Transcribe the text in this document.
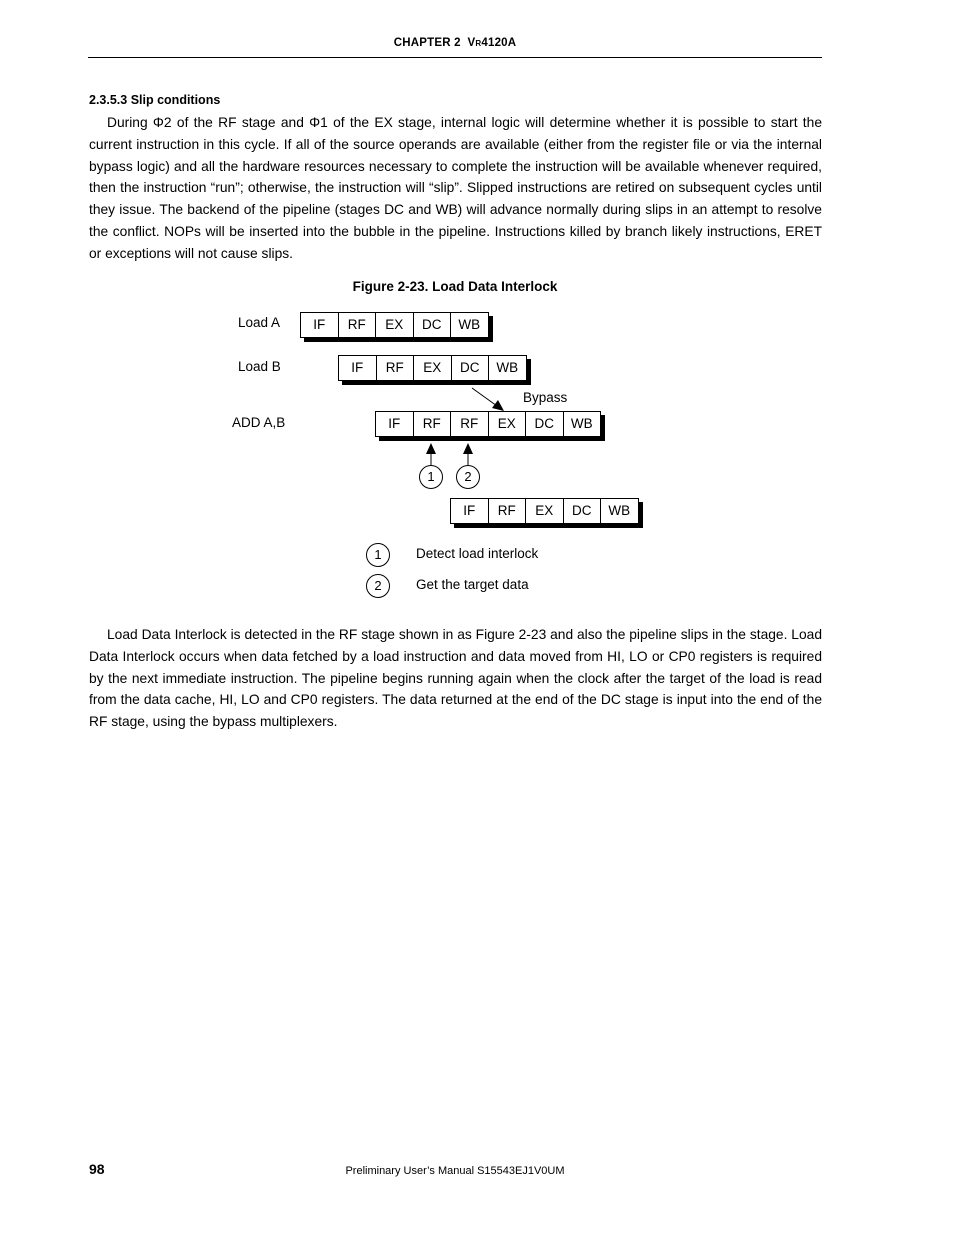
CHAPTER 2 VR4120A
2.3.5.3 Slip conditions

During Φ2 of the RF stage and Φ1 of the EX stage, internal logic will determine whether it is possible to start the current instruction in this cycle. If all of the source operands are available (either from the register file or via the internal bypass logic) and all the hardware resources necessary to complete the instruction will be available whenever required, then the instruction “run”; otherwise, the instruction will “slip”. Slipped instructions are retired on subsequent cycles until they issue. The backend of the pipeline (stages DC and WB) will advance normally during slips in an attempt to resolve the conflict. NOPs will be inserted into the bubble in the pipeline. Instructions killed by branch likely instructions, ERET or exceptions will not cause slips.

Figure 2-23. Load Data Interlock
Load A
Load B
ADD A,B
IF	RF	EX	DC	WB
IF	RF	EX	DC	WB
IF	RF	RF	EX	DC	WB
IF	RF	EX	DC	WB
Bypass
1	2
1	Detect load interlock
2	Get the target data

Load Data Interlock is detected in the RF stage shown in as Figure 2-23 and also the pipeline slips in the stage. Load Data Interlock occurs when data fetched by a load instruction and data moved from HI, LO or CP0 registers is required by the next immediate instruction. The pipeline begins running again when the clock after the target of the load is read from the data cache, HI, LO and CP0 registers. The data returned at the end of the DC stage is input into the end of the RF stage, using the bypass multiplexers.

98	Preliminary User’s Manual S15543EJ1V0UM
